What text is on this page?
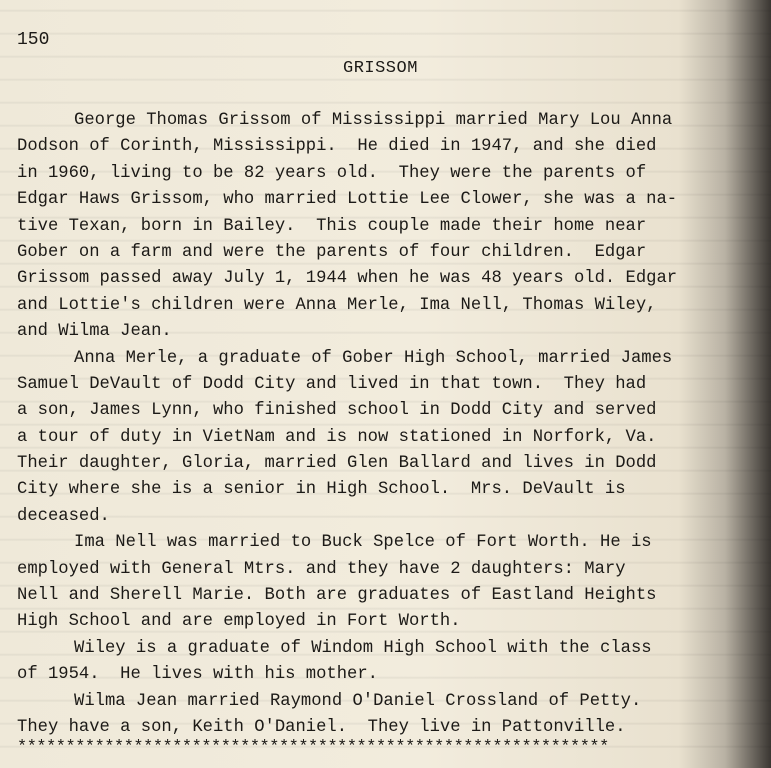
150
GRISSOM
George Thomas Grissom of Mississippi married Mary Lou Anna
Dodson of Corinth, Mississippi.  He died in 1947, and she died
in 1960, living to be 82 years old.  They were the parents of
Edgar Haws Grissom, who married Lottie Lee Clower, she was a na-
tive Texan, born in Bailey.  This couple made their home near
Gober on a farm and were the parents of four children.  Edgar
Grissom passed away July 1, 1944 when he was 48 years old. Edgar
and Lottie's children were Anna Merle, Ima Nell, Thomas Wiley,
and Wilma Jean.
Anna Merle, a graduate of Gober High School, married James
Samuel DeVault of Dodd City and lived in that town.  They had
a son, James Lynn, who finished school in Dodd City and served
a tour of duty in VietNam and is now stationed in Norfork, Va.
Their daughter, Gloria, married Glen Ballard and lives in Dodd
City where she is a senior in High School.  Mrs. DeVault is
deceased.
Ima Nell was married to Buck Spelce of Fort Worth. He is
employed with General Mtrs. and they have 2 daughters: Mary
Nell and Sherell Marie. Both are graduates of Eastland Heights
High School and are employed in Fort Worth.
Wiley is a graduate of Windom High School with the class
of 1954.  He lives with his mother.
Wilma Jean married Raymond O'Daniel Crossland of Petty.
They have a son, Keith O'Daniel.  They live in Pattonville.
*************************************************************
